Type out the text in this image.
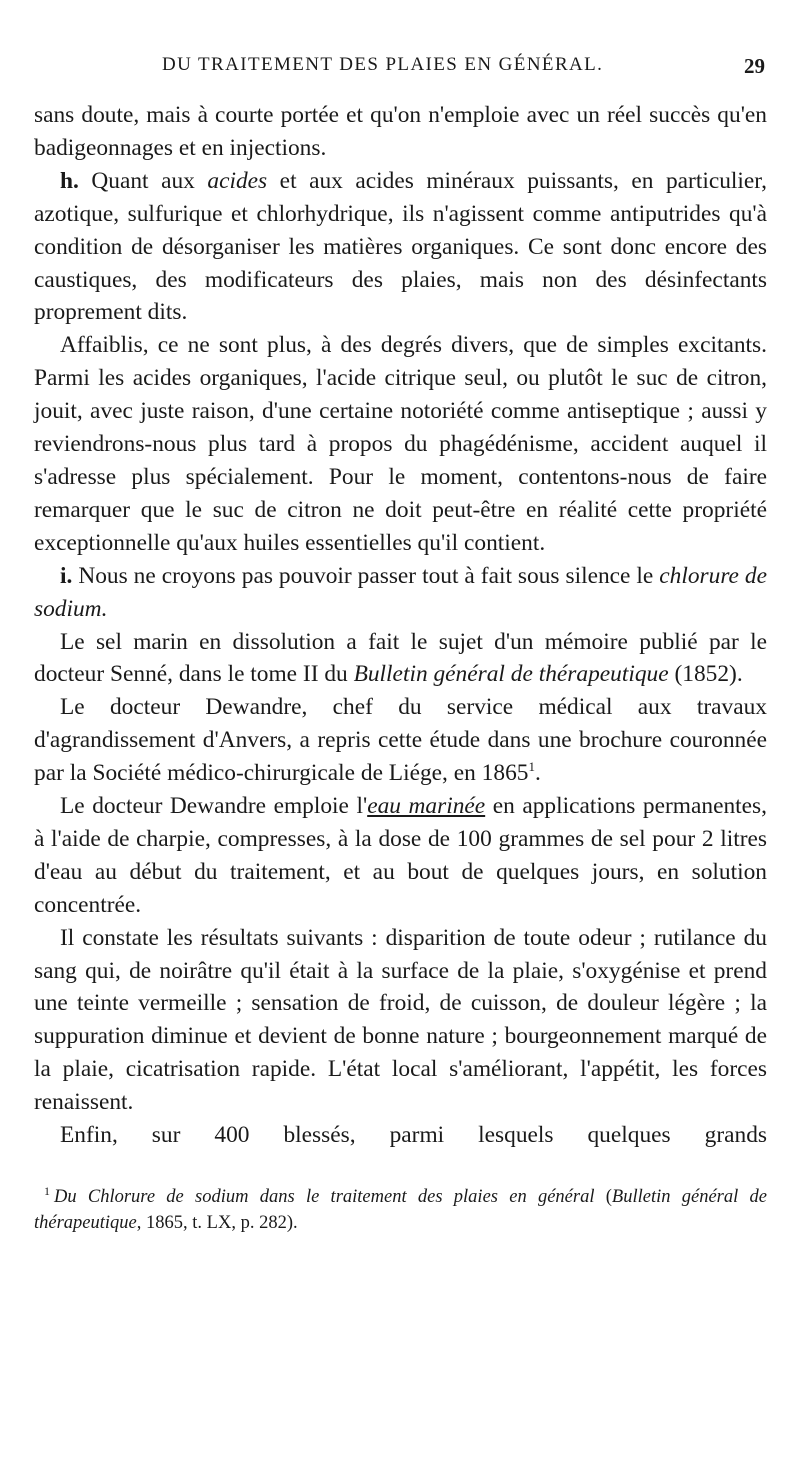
DU TRAITEMENT DES PLAIES EN GÉNÉRAL.	29

sans doute, mais à courte portée et qu'on n'emploie avec un réel succès qu'en badigeonnages et en injections.

h. Quant aux acides et aux acides minéraux puissants, en particulier, azotique, sulfurique et chlorhydrique, ils n'agissent comme antiputrides qu'à condition de désorganiser les matières organiques. Ce sont donc encore des caustiques, des modificateurs des plaies, mais non des désinfectants proprement dits.

Affaiblis, ce ne sont plus, à des degrés divers, que de simples excitants. Parmi les acides organiques, l'acide citrique seul, ou plutôt le suc de citron, jouit, avec juste raison, d'une certaine notoriété comme antiseptique ; aussi y reviendrons-nous plus tard à propos du phagédénisme, accident auquel il s'adresse plus spécialement. Pour le moment, contentons-nous de faire remarquer que le suc de citron ne doit peut-être en réalité cette propriété exceptionnelle qu'aux huiles essentielles qu'il contient.

i. Nous ne croyons pas pouvoir passer tout à fait sous silence le chlorure de sodium.

Le sel marin en dissolution a fait le sujet d'un mémoire publié par le docteur Senné, dans le tome II du Bulletin général de thérapeutique (1852).

Le docteur Dewandre, chef du service médical aux travaux d'agrandissement d'Anvers, a repris cette étude dans une brochure couronnée par la Société médico-chirurgicale de Liége, en 1865$^1$.

Le docteur Dewandre emploie l'eau marinée en applications permanentes, à l'aide de charpie, compresses, à la dose de 100 grammes de sel pour 2 litres d'eau au début du traitement, et au bout de quelques jours, en solution concentrée.

Il constate les résultats suivants : disparition de toute odeur ; rutilance du sang qui, de noirâtre qu'il était à la surface de la plaie, s'oxygénise et prend une teinte vermeille ; sensation de froid, de cuisson, de douleur légère ; la suppuration diminue et devient de bonne nature ; bourgeonnement marqué de la plaie, cicatrisation rapide. L'état local s'améliorant, l'appétit, les forces renaissent.

Enfin, sur 400 blessés, parmi lesquels quelques grands

$^1$ Du Chlorure de sodium dans le traitement des plaies en général (Bulletin général de thérapeutique, 1865, t. LX, p. 282).
